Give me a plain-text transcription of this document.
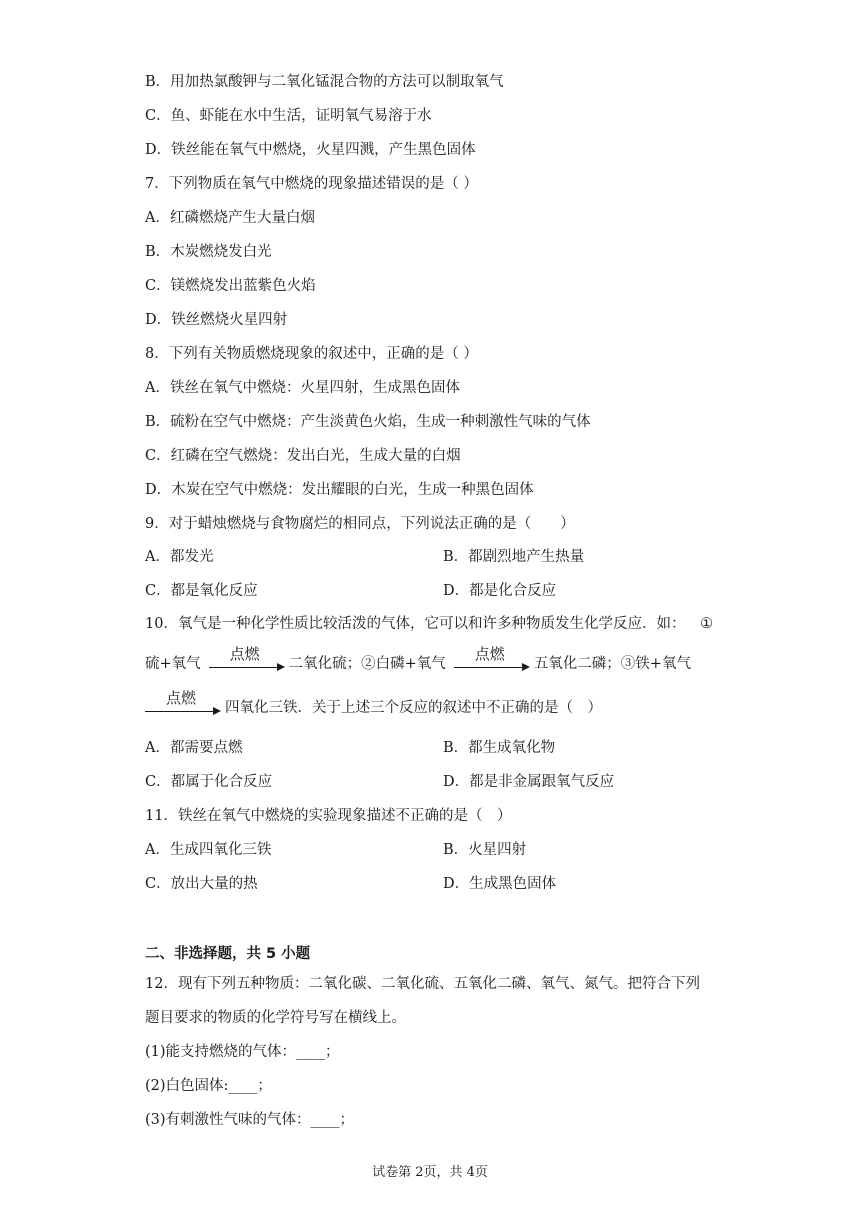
B．用加热氯酸钾与二氧化锰混合物的方法可以制取氧气
C．鱼、虾能在水中生活，证明氧气易溶于水
D．铁丝能在氧气中燃烧，火星四溅，产生黑色固体
7．下列物质在氧气中燃烧的现象描述错误的是（ ）
A．红磷燃烧产生大量白烟
B．木炭燃烧发白光
C．镁燃烧发出蓝紫色火焰
D．铁丝燃烧火星四射
8．下列有关物质燃烧现象的叙述中，正确的是（ ）
A．铁丝在氧气中燃烧：火星四射，生成黑色固体
B．硫粉在空气中燃烧：产生淡黄色火焰，生成一种刺激性气味的气体
C．红磷在空气燃烧：发出白光，生成大量的白烟
D．木炭在空气中燃烧：发出耀眼的白光，生成一种黑色固体
9．对于蜡烛燃烧与食物腐烂的相同点，下列说法正确的是（　　）
A．都发光	B．都剧烈地产生热量
C．都是氧化反应	D．都是化合反应
10．氧气是一种化学性质比较活泼的气体，它可以和许多种物质发生化学反应．如： ①
硫+氧气
点燃
二氧化硫；②白磷+氧气
点燃
五氧化二磷；③铁+氧气
点燃
四氧化三铁．关于上述三个反应的叙述中不正确的是（　）
A．都需要点燃	B．都生成氧化物
C．都属于化合反应	D．都是非金属跟氧气反应
11．铁丝在氧气中燃烧的实验现象描述不正确的是（　）
A．生成四氧化三铁	B．火星四射
C．放出大量的热	D．生成黑色固体
二、非选择题，共 5 小题
12．现有下列五种物质：二氧化碳、二氧化硫、五氧化二磷、氧气、氮气。把符合下列
题目要求的物质的化学符号写在横线上。
(1)能支持燃烧的气体：____；
(2)白色固体:____；
(3)有刺激性气味的气体：____；
试卷第 2页，共 4页
